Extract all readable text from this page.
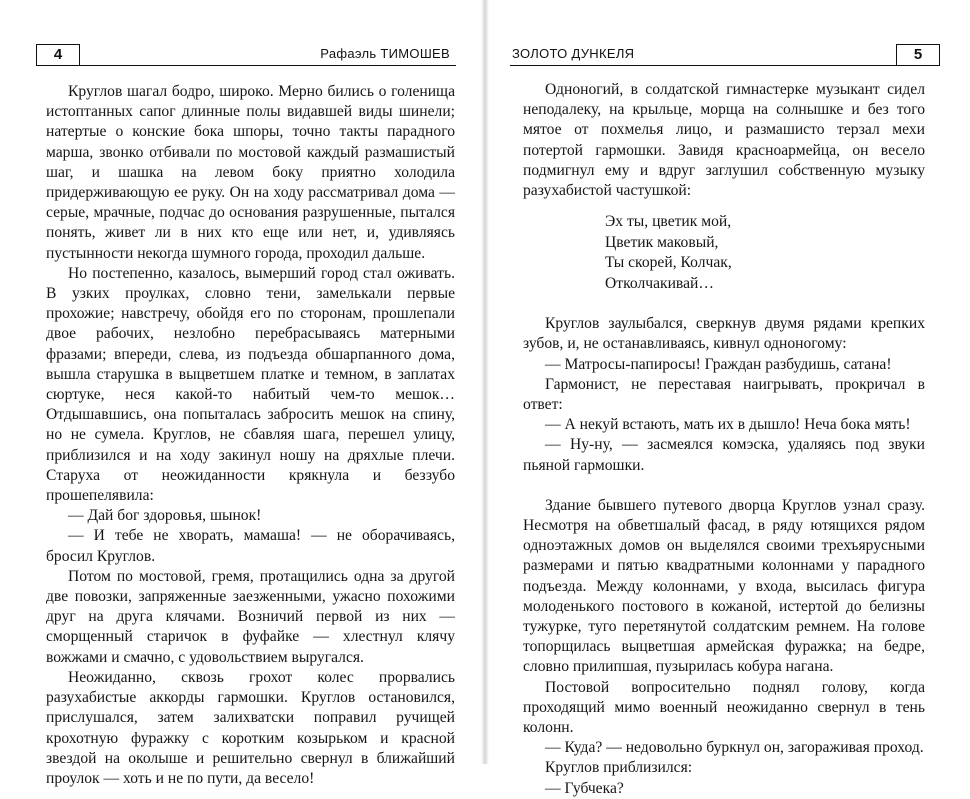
4	Рафаэль ТИМОШЕВ

Круглов шагал бодро, широко. Мерно бились о голенища истоптанных сапог длинные полы видавшей виды шинели; натертые о конские бока шпоры, точно такты парадного марша, звонко отбивали по мостовой каждый размашистый шаг, и шашка на левом боку приятно холодила придерживающую ее руку. Он на ходу рассматривал дома — серые, мрачные, подчас до основания разрушенные, пытался понять, живет ли в них кто еще или нет, и, удивляясь пустынности некогда шумного города, проходил дальше.

Но постепенно, казалось, вымерший город стал оживать. В узких проулках, словно тени, замелькали первые прохожие; навстречу, обойдя его по сторонам, прошлепали двое рабочих, незлобно перебрасываясь матерными фразами; впереди, слева, из подъезда обшарпанного дома, вышла старушка в выцветшем платке и темном, в заплатах сюртуке, неся какой-то набитый чем-то мешок… Отдышавшись, она попыталась забросить мешок на спину, но не сумела. Круглов, не сбавляя шага, перешел улицу, приблизился и на ходу закинул ношу на дряхлые плечи. Старуха от неожиданности крякнула и беззубо прошепелявила:

— Дай бог здоровья, шынок!

— И тебе не хворать, мамаша! — не оборачиваясь, бросил Круглов.

Потом по мостовой, гремя, протащились одна за другой две повозки, запряженные заезженными, ужасно похожими друг на друга клячами. Возничий первой из них — сморщенный старичок в фуфайке — хлестнул клячу вожжами и смачно, с удовольствием выругался.

Неожиданно, сквозь грохот колес прорвались разухабистые аккорды гармошки. Круглов остановился, прислушался, затем залихватски поправил ручищей крохотную фуражку с коротким козырьком и красной звездой на околыше и решительно свернул в ближайший проулок — хоть и не по пути, да весело!

ЗОЛОТО ДУНКЕЛЯ	5

Одноногий, в солдатской гимнастерке музыкант сидел неподалеку, на крыльце, морща на солнышке и без того мятое от похмелья лицо, и размашисто терзал мехи потертой гармошки. Завидя красноармейца, он весело подмигнул ему и вдруг заглушил собственную музыку разухабистой частушкой:

Эх ты, цветик мой,
Цветик маковый,
Ты скорей, Колчак,
Отколчакивай…

Круглов заулыбался, сверкнув двумя рядами крепких зубов, и, не останавливаясь, кивнул одноногому:

— Матросы-папиросы! Граждан разбудишь, сатана!

Гармонист, не переставая наигрывать, прокричал в ответ:

— А некуй встають, мать их в дышло! Неча бока мять!

— Ну-ну, — засмеялся комэска, удаляясь под звуки пьяной гармошки.

Здание бывшего путевого дворца Круглов узнал сразу. Несмотря на обветшалый фасад, в ряду ютящихся рядом одноэтажных домов он выделялся своими трехъярусными размерами и пятью квадратными колоннами у парадного подъезда. Между колоннами, у входа, высилась фигура молоденького постового в кожаной, истертой до белизны тужурке, туго перетянутой солдатским ремнем. На голове топорщилась выцветшая армейская фуражка; на бедре, словно прилипшая, пузырилась кобура нагана.

Постовой вопросительно поднял голову, когда проходящий мимо военный неожиданно свернул в тень колонн.

— Куда? — недовольно буркнул он, загораживая проход.

Круглов приблизился:

— Губчека?
